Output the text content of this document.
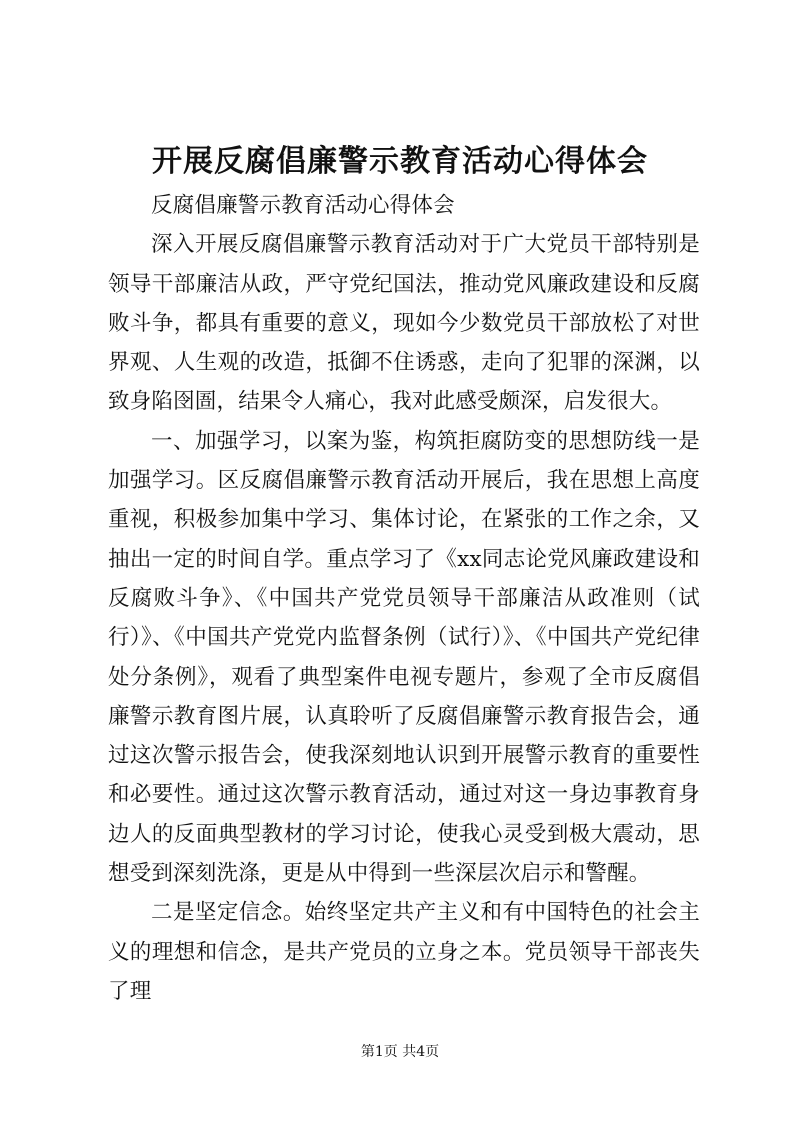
开展反腐倡廉警示教育活动心得体会

反腐倡廉警示教育活动心得体会

深入开展反腐倡廉警示教育活动对于广大党员干部特别是领导干部廉洁从政，严守党纪国法，推动党风廉政建设和反腐败斗争，都具有重要的意义，现如今少数党员干部放松了对世界观、人生观的改造，抵御不住诱惑，走向了犯罪的深渊，以致身陷囹圄，结果令人痛心，我对此感受颇深，启发很大。

一、加强学习，以案为鉴，构筑拒腐防变的思想防线一是加强学习。区反腐倡廉警示教育活动开展后，我在思想上高度重视，积极参加集中学习、集体讨论，在紧张的工作之余，又抽出一定的时间自学。重点学习了《xx同志论党风廉政建设和反腐败斗争》、《中国共产党党员领导干部廉洁从政准则（试行）》、《中国共产党党内监督条例（试行）》、《中国共产党纪律处分条例》，观看了典型案件电视专题片，参观了全市反腐倡廉警示教育图片展，认真聆听了反腐倡廉警示教育报告会，通过这次警示报告会，使我深刻地认识到开展警示教育的重要性和必要性。通过这次警示教育活动，通过对这一身边事教育身边人的反面典型教材的学习讨论，使我心灵受到极大震动，思想受到深刻洗涤，更是从中得到一些深层次启示和警醒。

二是坚定信念。始终坚定共产主义和有中国特色的社会主义的理想和信念，是共产党员的立身之本。党员领导干部丧失了理

第1页 共4页
